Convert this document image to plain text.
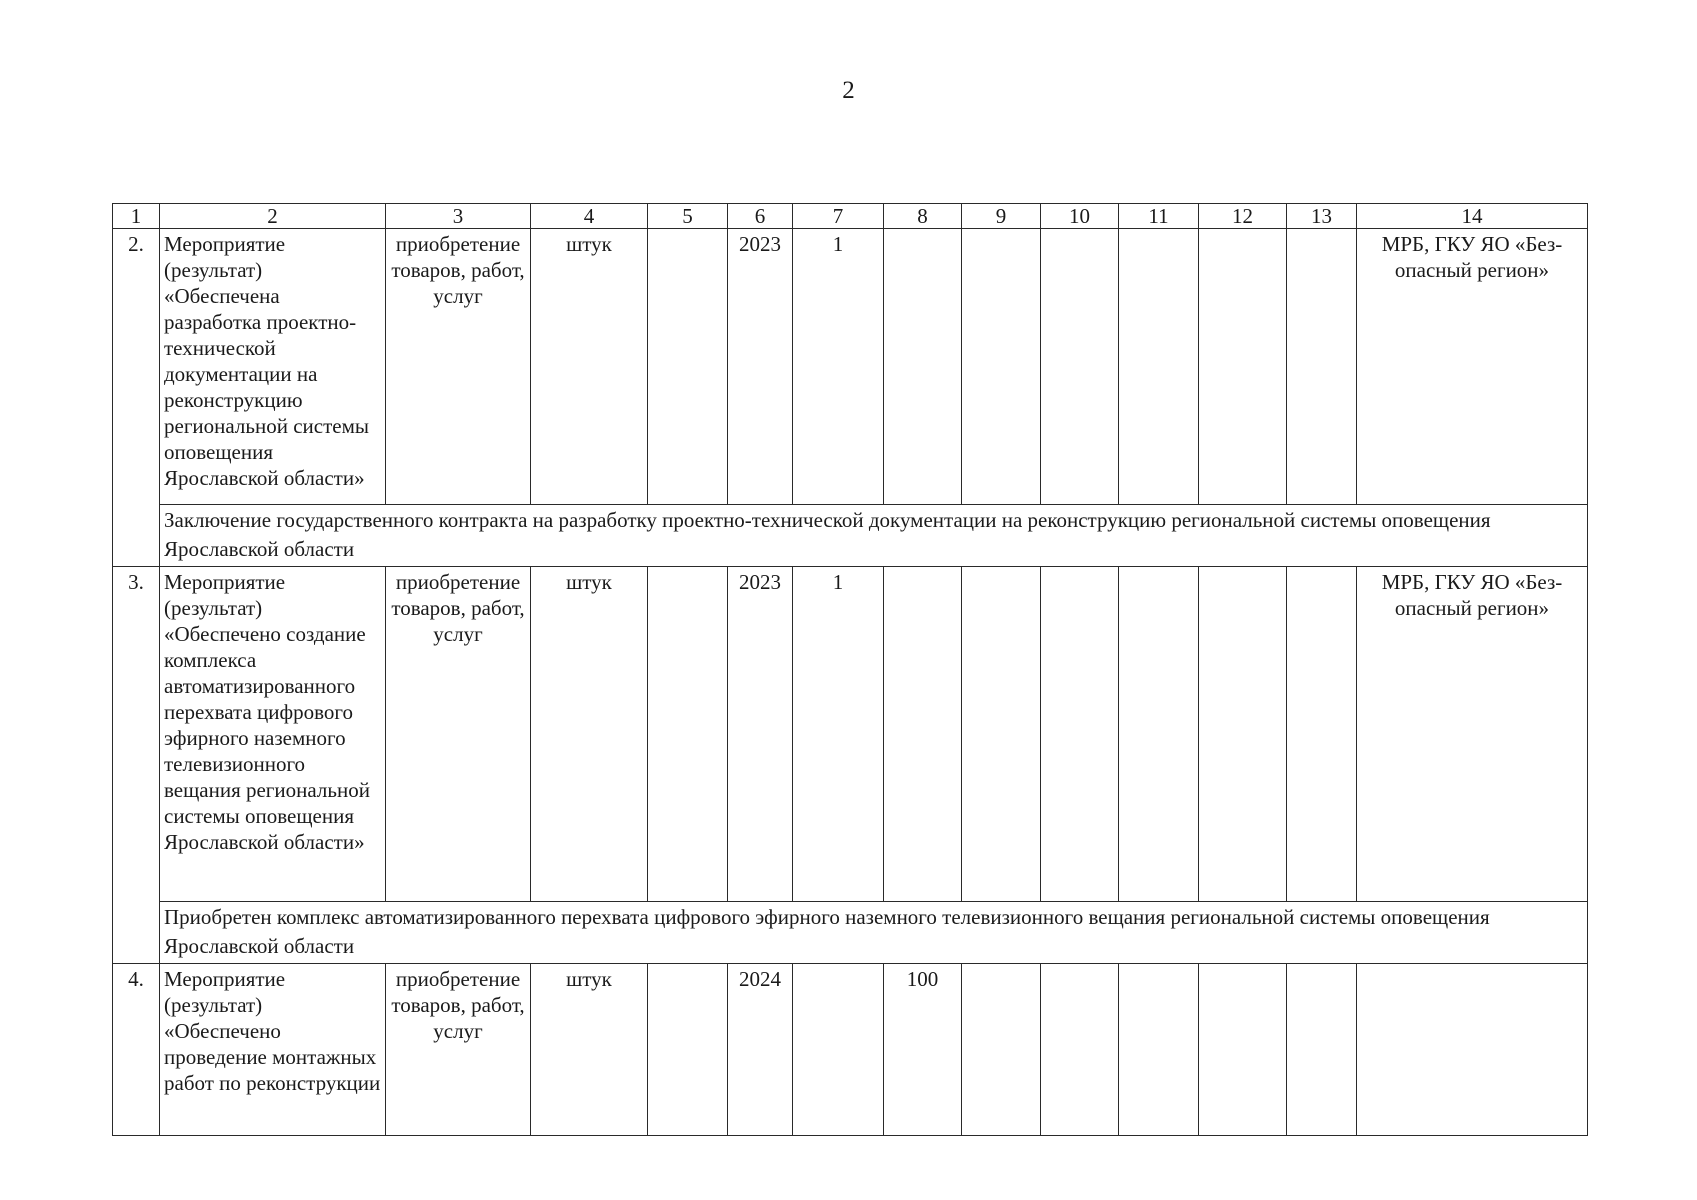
2
1	2	3	4	5	6	7	8	9	10	11	12	13	14
2.	Мероприятие (результат) «Обеспечена разработка проектно-технической документации на реконструкцию региональной системы оповещения Ярославской области»	приобретение товаров, работ, услуг	штук		2023	1							МРБ, ГКУ ЯО «Без-опасный регион»
	Заключение государственного контракта на разработку проектно-технической документации на реконструкцию региональной системы оповещения Ярославской области												
3.	Мероприятие (результат) «Обеспечено создание комплекса автоматизированного перехвата цифрового эфирного наземного телевизионного вещания региональной системы оповещения Ярославской области»	приобретение товаров, работ, услуг	штук		2023	1							МРБ, ГКУ ЯО «Без-опасный регион»
	Приобретен комплекс автоматизированного перехвата цифрового эфирного наземного телевизионного вещания региональной системы оповещения Ярославской области												
4.	Мероприятие (результат) «Обеспечено проведение монтажных работ по реконструкции	приобретение товаров, работ, услуг	штук		2024		100						
